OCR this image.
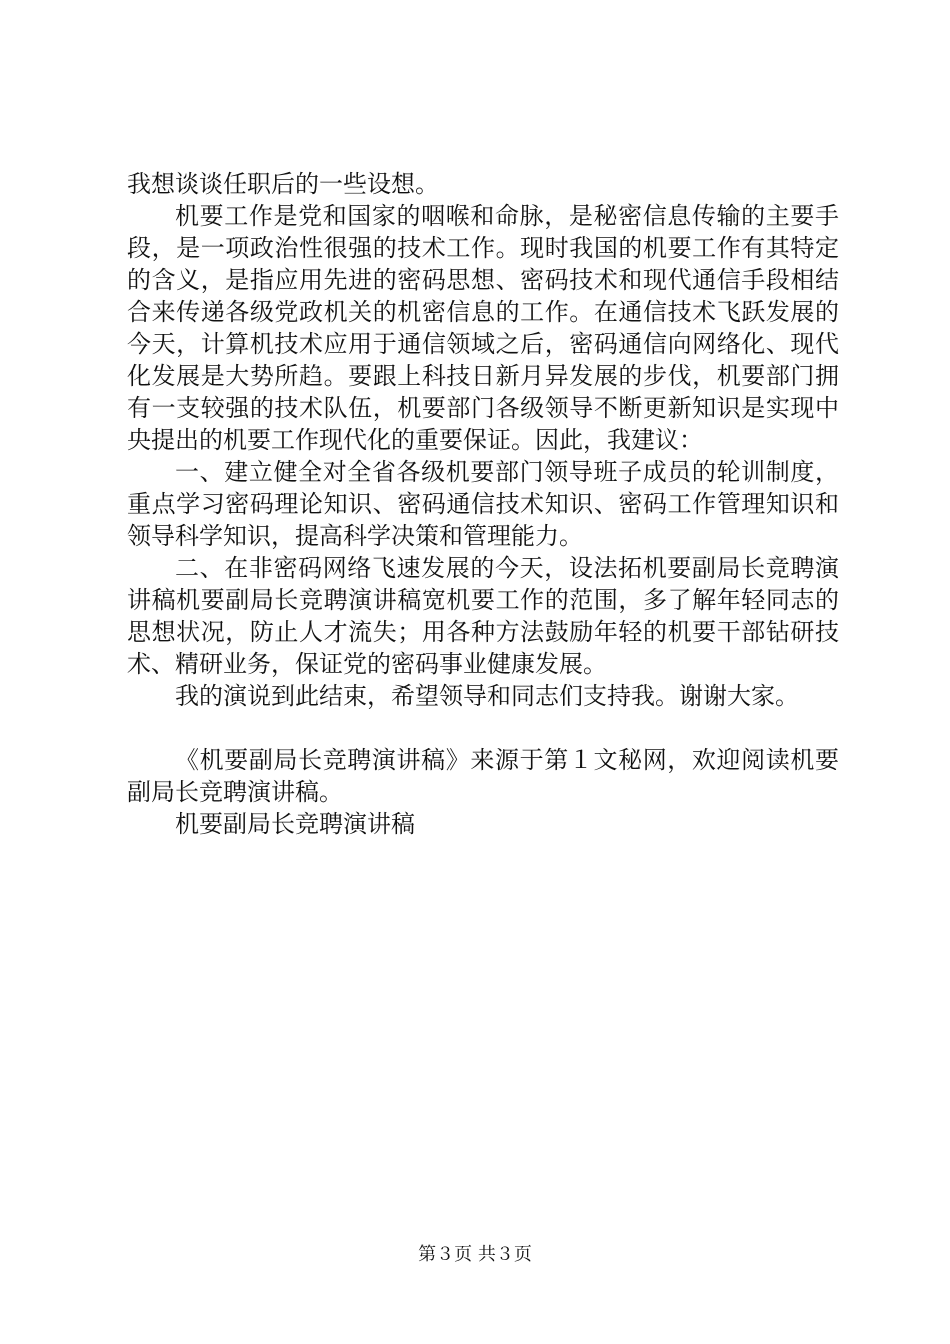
我想谈谈任职后的一些设想。

机要工作是党和国家的咽喉和命脉，是秘密信息传输的主要手段，是一项政治性很强的技术工作。现时我国的机要工作有其特定的含义，是指应用先进的密码思想、密码技术和现代通信手段相结合来传递各级党政机关的机密信息的工作。在通信技术飞跃发展的今天，计算机技术应用于通信领域之后，密码通信向网络化、现代化发展是大势所趋。要跟上科技日新月异发展的步伐，机要部门拥有一支较强的技术队伍，机要部门各级领导不断更新知识是实现中央提出的机要工作现代化的重要保证。因此，我建议：

一、建立健全对全省各级机要部门领导班子成员的轮训制度，重点学习密码理论知识、密码通信技术知识、密码工作管理知识和领导科学知识，提高科学决策和管理能力。

二、在非密码网络飞速发展的今天，设法拓机要副局长竞聘演讲稿机要副局长竞聘演讲稿宽机要工作的范围，多了解年轻同志的思想状况，防止人才流失；用各种方法鼓励年轻的机要干部钻研技术、精研业务，保证党的密码事业健康发展。

我的演说到此结束，希望领导和同志们支持我。谢谢大家。

《机要副局长竞聘演讲稿》来源于第１文秘网，欢迎阅读机要副局长竞聘演讲稿。

机要副局长竞聘演讲稿

第３页 共３页
